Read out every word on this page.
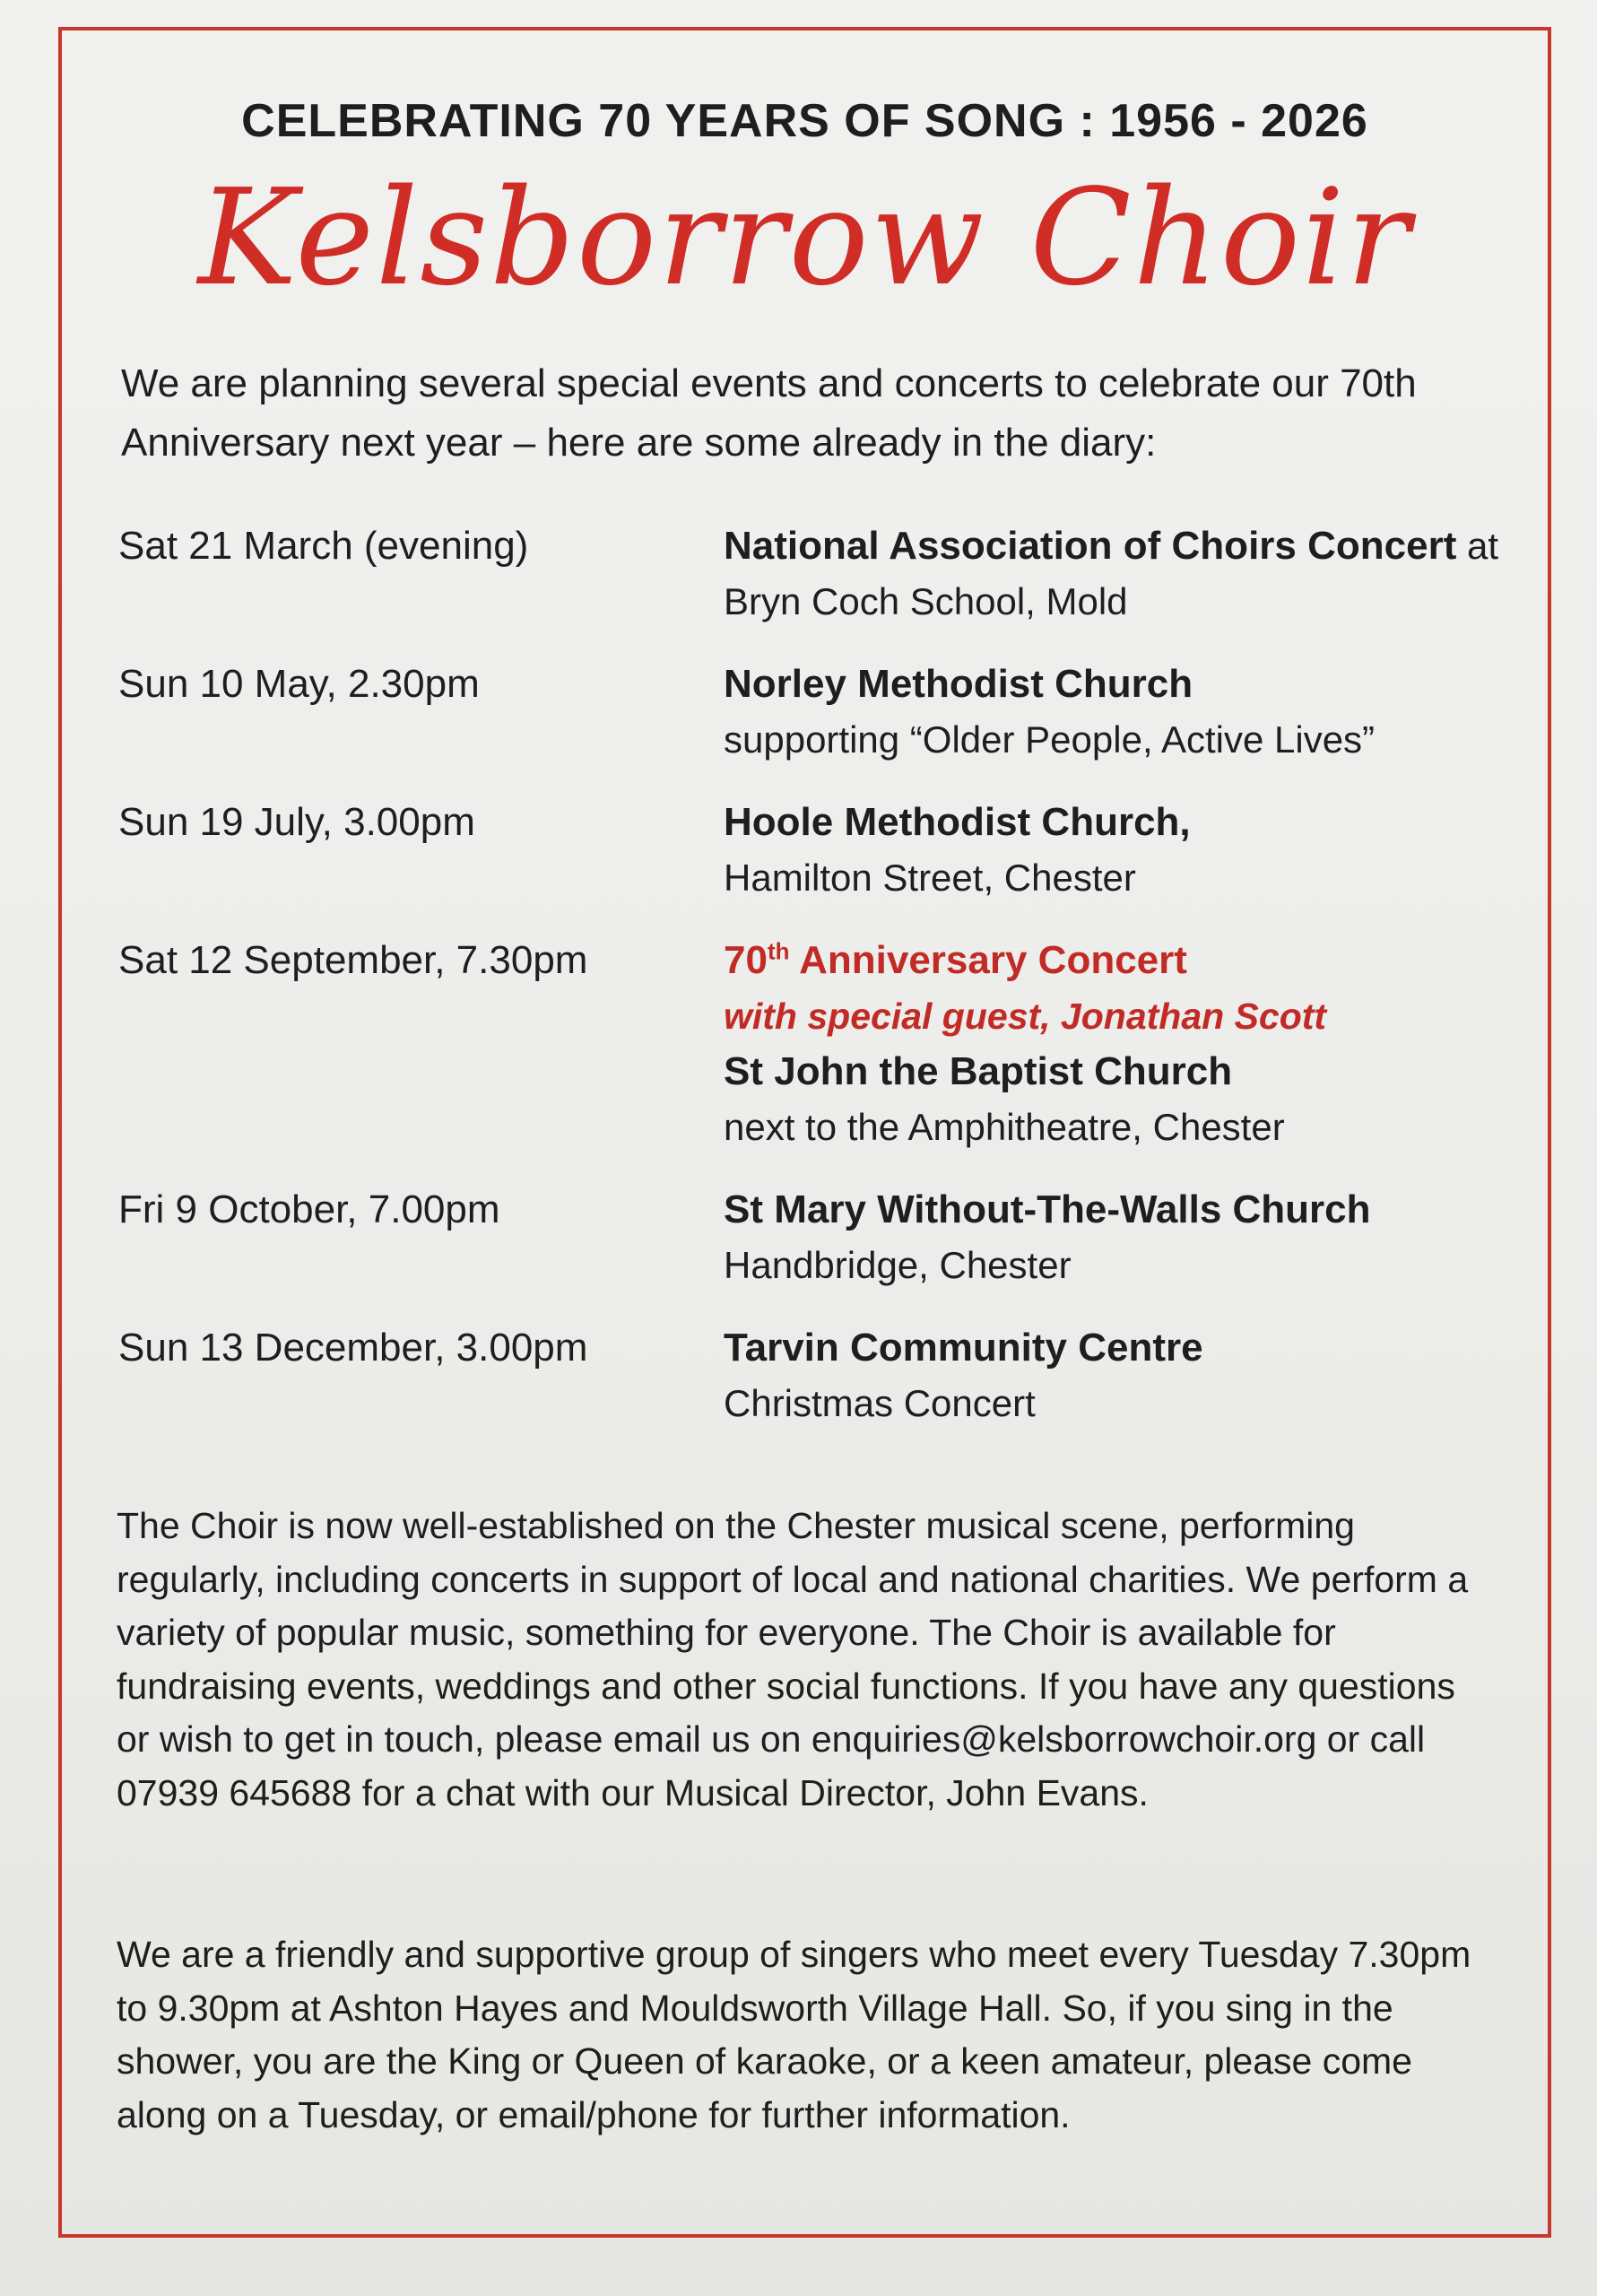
CELEBRATING 70 YEARS OF SONG : 1956 - 2026
Kelsborrow Choir
We are planning several special events and concerts to celebrate our 70th Anniversary next year – here are some already in the diary:
Sat 21 March (evening)	National Association of Choirs Concert at Bryn Coch School, Mold
Sun 10 May, 2.30pm	Norley Methodist Church
supporting “Older People, Active Lives”
Sun 19 July, 3.00pm	Hoole Methodist Church,
Hamilton Street, Chester
Sat 12 September, 7.30pm	70th Anniversary Concert
with special guest, Jonathan Scott
St John the Baptist Church
next to the Amphitheatre, Chester
Fri 9 October, 7.00pm	St Mary Without-The-Walls Church
Handbridge, Chester
Sun 13 December, 3.00pm	Tarvin Community Centre
Christmas Concert

The Choir is now well-established on the Chester musical scene, performing regularly, including concerts in support of local and national charities. We perform a variety of popular music, something for everyone. The Choir is available for fundraising events, weddings and other social functions. If you have any questions or wish to get in touch, please email us on enquiries@kelsborrowchoir.org or call 07939 645688 for a chat with our Musical Director, John Evans.

We are a friendly and supportive group of singers who meet every Tuesday 7.30pm to 9.30pm at Ashton Hayes and Mouldsworth Village Hall. So, if you sing in the shower, you are the King or Queen of karaoke, or a keen amateur, please come along on a Tuesday, or email/phone for further information.
